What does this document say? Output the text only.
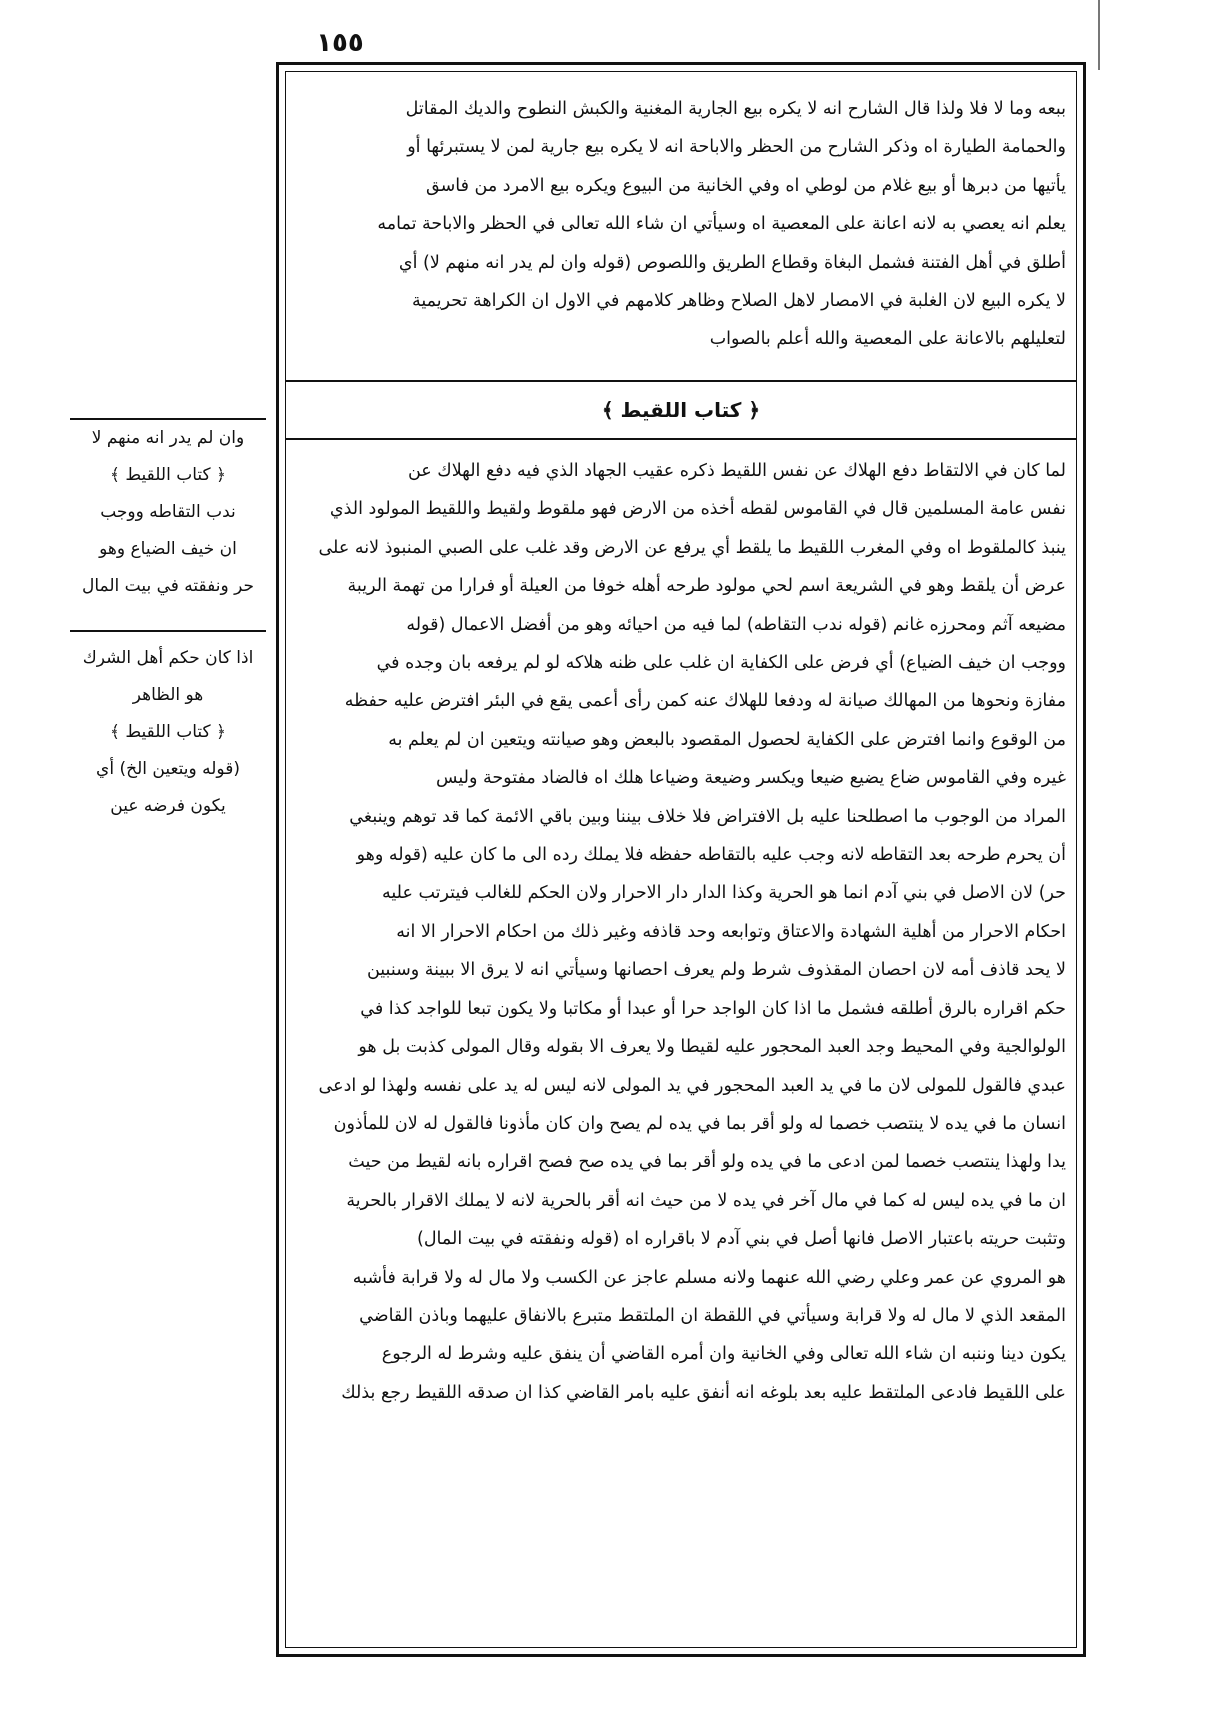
١٥٥
ببعه وما لا فلا ولذا قال الشارح انه لا يكره بيع الجارية المغنية والكبش النطوح والديك المقاتل
والحمامة الطيارة اه وذكر الشارح من الحظر والاباحة انه لا يكره بيع جارية لمن لا يستبرئها أو
يأتيها من دبرها أو بيع غلام من لوطي اه وفي الخانية من البيوع ويكره بيع الامرد من فاسق
يعلم انه يعصي به لانه اعانة على المعصية اه وسيأتي ان شاء الله تعالى في الحظر والاباحة تمامه
أطلق في أهل الفتنة فشمل البغاة وقطاع الطريق واللصوص (قوله وان لم يدر انه منهم لا) أي
لا يكره البيع لان الغلبة في الامصار لاهل الصلاح وظاهر كلامهم في الاول ان الكراهة تحريمية
لتعليلهم بالاعانة على المعصية والله أعلم بالصواب
﴿ كتاب اللقيط ﴾
لما كان في الالتقاط دفع الهلاك عن نفس اللقيط ذكره عقيب الجهاد الذي فيه دفع الهلاك عن
نفس عامة المسلمين قال في القاموس لقطه أخذه من الارض فهو ملقوط ولقيط واللقيط المولود الذي
ينبذ كالملقوط اه وفي المغرب اللقيط ما يلقط أي يرفع عن الارض وقد غلب على الصبي المنبوذ لانه على
عرض أن يلقط وهو في الشريعة اسم لحي مولود طرحه أهله خوفا من العيلة أو فرارا من تهمة الريبة
مضيعه آثم ومحرزه غانم (قوله ندب التقاطه) لما فيه من احيائه وهو من أفضل الاعمال (قوله
ووجب ان خيف الضياع) أي فرض على الكفاية ان غلب على ظنه هلاكه لو لم يرفعه بان وجده في
مفازة ونحوها من المهالك صيانة له ودفعا للهلاك عنه كمن رأى أعمى يقع في البئر افترض عليه حفظه
من الوقوع وانما افترض على الكفاية لحصول المقصود بالبعض وهو صيانته ويتعين ان لم يعلم به
غيره وفي القاموس ضاع يضيع ضيعا ويكسر وضيعة وضياعا هلك اه فالضاد مفتوحة وليس
المراد من الوجوب ما اصطلحنا عليه بل الافتراض فلا خلاف بيننا وبين باقي الائمة كما قد توهم وينبغي
أن يحرم طرحه بعد التقاطه لانه وجب عليه بالتقاطه حفظه فلا يملك رده الى ما كان عليه (قوله وهو
حر) لان الاصل في بني آدم انما هو الحرية وكذا الدار دار الاحرار ولان الحكم للغالب فيترتب عليه
احكام الاحرار من أهلية الشهادة والاعتاق وتوابعه وحد قاذفه وغير ذلك من احكام الاحرار الا انه
لا يحد قاذف أمه لان احصان المقذوف شرط ولم يعرف احصانها وسيأتي انه لا يرق الا ببينة وسنبين
حكم اقراره بالرق أطلقه فشمل ما اذا كان الواجد حرا أو عبدا أو مكاتبا ولا يكون تبعا للواجد كذا في
الولوالجية وفي المحيط وجد العبد المحجور عليه لقيطا ولا يعرف الا بقوله وقال المولى كذبت بل هو
عبدي فالقول للمولى لان ما في يد العبد المحجور في يد المولى لانه ليس له يد على نفسه ولهذا لو ادعى
انسان ما في يده لا ينتصب خصما له ولو أقر بما في يده لم يصح وان كان مأذونا فالقول له لان للمأذون
يدا ولهذا ينتصب خصما لمن ادعى ما في يده ولو أقر بما في يده صح فصح اقراره بانه لقيط من حيث
ان ما في يده ليس له كما في مال آخر في يده لا من حيث انه أقر بالحرية لانه لا يملك الاقرار بالحرية
وتثبت حريته باعتبار الاصل فانها أصل في بني آدم لا باقراره اه (قوله ونفقته في بيت المال)
هو المروي عن عمر وعلي رضي الله عنهما ولانه مسلم عاجز عن الكسب ولا مال له ولا قرابة فأشبه
المقعد الذي لا مال له ولا قرابة وسيأتي في اللقطة ان الملتقط متبرع بالانفاق عليهما وباذن القاضي
يكون دينا وننبه ان شاء الله تعالى وفي الخانية وان أمره القاضي أن ينفق عليه وشرط له الرجوع
على اللقيط فادعى الملتقط عليه بعد بلوغه انه أنفق عليه بامر القاضي كذا ان صدقه اللقيط رجع بذلك
وان لم يدر انه منهم لا
﴿ كتاب اللقيط ﴾
ندب التقاطه ووجب
ان خيف الضياع وهو
حر ونفقته في بيت المال
اذا كان حكم أهل الشرك
هو الظاهر
﴿ كتاب اللقيط ﴾
(قوله ويتعين الخ) أي
يكون فرضه عين
